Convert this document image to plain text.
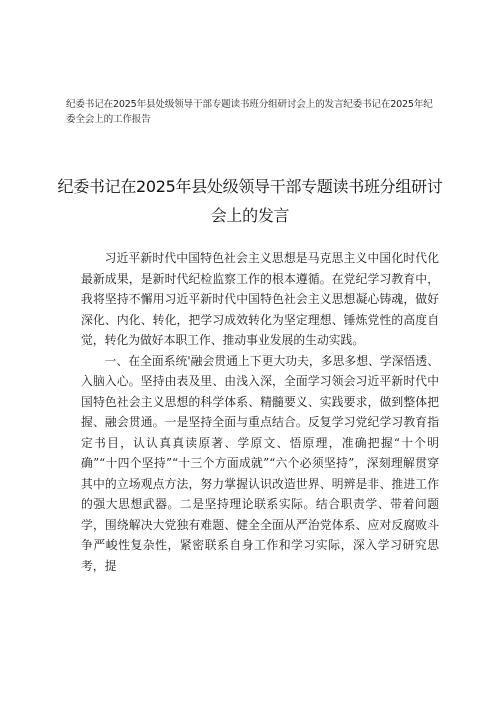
纪委书记在2025年县处级领导干部专题读书班分组研讨会上的发言纪委书记在2025年纪委全会上的工作报告
纪委书记在2025年县处级领导干部专题读书班分组研讨
会上的发言

习近平新时代中国特色社会主义思想是马克思主义中国化时代化最新成果，是新时代纪检监察工作的根本遵循。在党纪学习教育中，我将坚持不懈用习近平新时代中国特色社会主义思想凝心铸魂，做好深化、内化、转化，把学习成效转化为坚定理想、锤炼党性的高度自觉，转化为做好本职工作、推动事业发展的生动实践。

一、在全面系统'融会贯通上下更大功夫，多思多想、学深悟透、入脑入心。坚持由表及里、由浅入深，全面学习领会习近平新时代中国特色社会主义思想的科学体系、精髓要义、实践要求，做到整体把握、融会贯通。一是坚持全面与重点结合。反复学习党纪学习教育指定书目，认认真真读原著、学原文、悟原理，准确把握“十个明确”“十四个坚持”“十三个方面成就”“六个必须坚持”，深刻理解贯穿其中的立场观点方法，努力掌握认识改造世界、明辨是非、推进工作的强大思想武器。二是坚持理论联系实际。结合职责学、带着问题学，围绕解决大党独有难题、健全全面从严治党体系、应对反腐败斗争严峻性复杂性，紧密联系自身工作和学习实际，深入学习研究思考，提
